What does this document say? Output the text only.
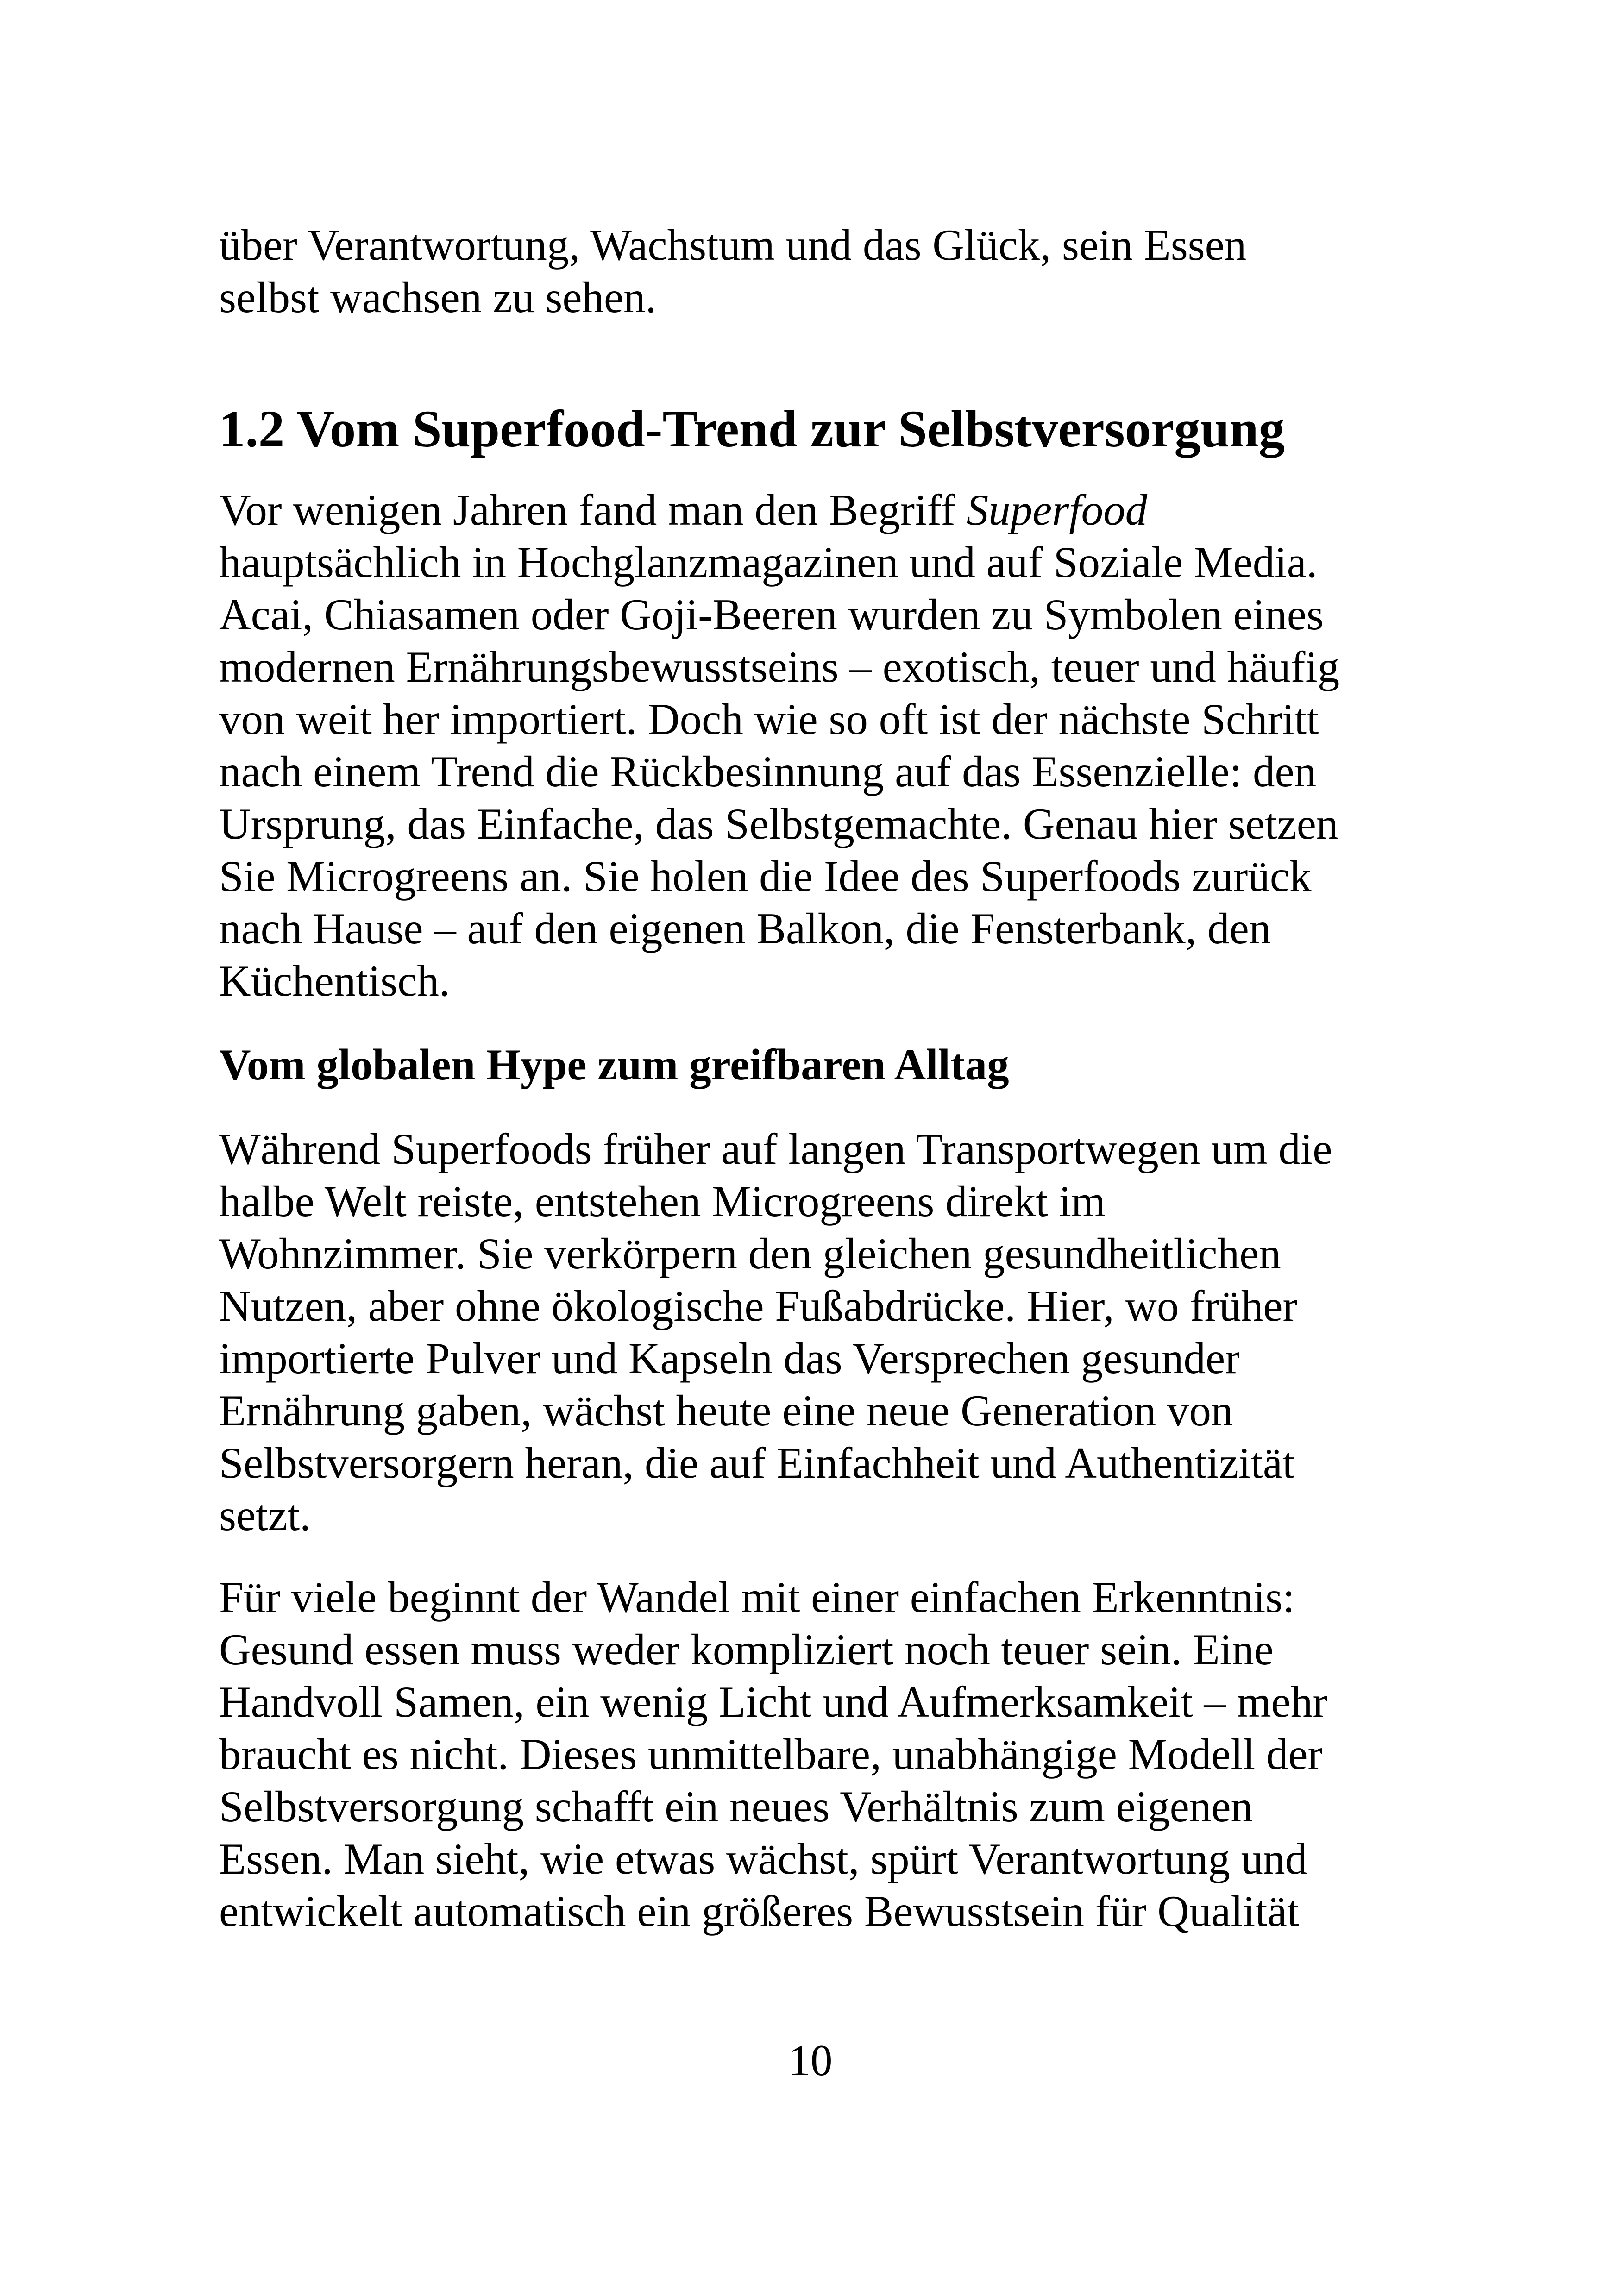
über Verantwortung, Wachstum und das Glück, sein Essen
selbst wachsen zu sehen.
1.2 Vom Superfood-Trend zur Selbstversorgung
Vor wenigen Jahren fand man den Begriff Superfood
hauptsächlich in Hochglanzmagazinen und auf Soziale Media.
Acai, Chiasamen oder Goji-Beeren wurden zu Symbolen eines
modernen Ernährungsbewusstseins – exotisch, teuer und häufig
von weit her importiert. Doch wie so oft ist der nächste Schritt
nach einem Trend die Rückbesinnung auf das Essenzielle: den
Ursprung, das Einfache, das Selbstgemachte. Genau hier setzen
Sie Microgreens an. Sie holen die Idee des Superfoods zurück
nach Hause – auf den eigenen Balkon, die Fensterbank, den
Küchentisch.
Vom globalen Hype zum greifbaren Alltag
Während Superfoods früher auf langen Transportwegen um die
halbe Welt reiste, entstehen Microgreens direkt im
Wohnzimmer. Sie verkörpern den gleichen gesundheitlichen
Nutzen, aber ohne ökologische Fußabdrücke. Hier, wo früher
importierte Pulver und Kapseln das Versprechen gesunder
Ernährung gaben, wächst heute eine neue Generation von
Selbstversorgern heran, die auf Einfachheit und Authentizität
setzt.
Für viele beginnt der Wandel mit einer einfachen Erkenntnis:
Gesund essen muss weder kompliziert noch teuer sein. Eine
Handvoll Samen, ein wenig Licht und Aufmerksamkeit – mehr
braucht es nicht. Dieses unmittelbare, unabhängige Modell der
Selbstversorgung schafft ein neues Verhältnis zum eigenen
Essen. Man sieht, wie etwas wächst, spürt Verantwortung und
entwickelt automatisch ein größeres Bewusstsein für Qualität
10
